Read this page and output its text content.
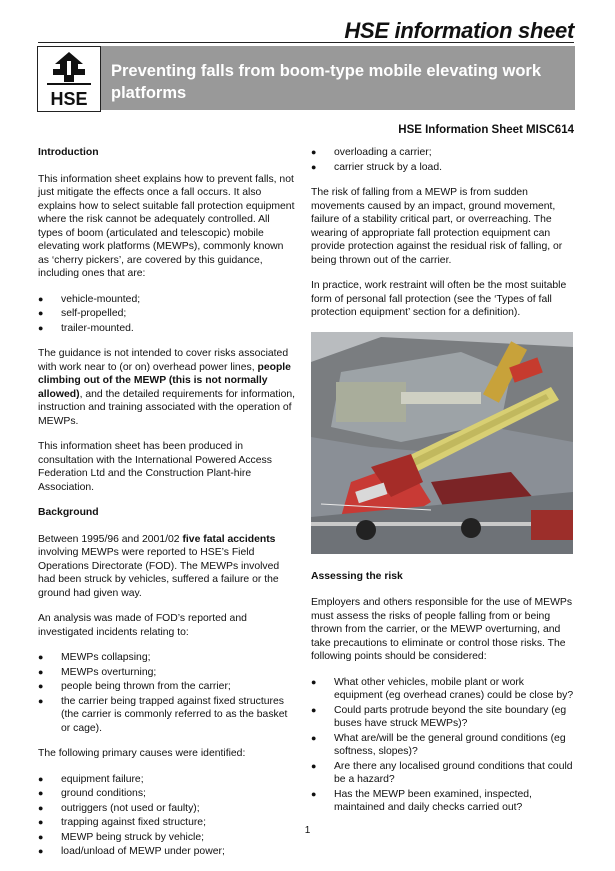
HSE information sheet
HSE
Preventing falls from boom-type mobile elevating work platforms
HSE Information Sheet MISC614
Introduction

This information sheet explains how to prevent falls, not just mitigate the effects once a fall occurs. It also explains how to select suitable fall protection equipment where the risk cannot be adequately controlled. All types of boom (articulated and telescopic) mobile elevating work platforms (MEWPs), commonly known as ‘cherry pickers’, are covered by this guidance, including ones that are:

● vehicle-mounted;
● self-propelled;
● trailer-mounted.

The guidance is not intended to cover risks associated with work near to (or on) overhead power lines, people climbing out of the MEWP (this is not normally allowed), and the detailed requirements for information, instruction and training associated with the operation of MEWPs.

This information sheet has been produced in consultation with the International Powered Access Federation Ltd and the Construction Plant-hire Association.

Background

Between 1995/96 and 2001/02 five fatal accidents involving MEWPs were reported to HSE’s Field Operations Directorate (FOD). The MEWPs involved had been struck by vehicles, suffered a failure or the ground had given way.

An analysis was made of FOD’s reported and investigated incidents relating to:

● MEWPs collapsing;
● MEWPs overturning;
● people being thrown from the carrier;
● the carrier being trapped against fixed structures (the carrier is commonly referred to as the basket or cage).

The following primary causes were identified:

● equipment failure;
● ground conditions;
● outriggers (not used or faulty);
● trapping against fixed structure;
● MEWP being struck by vehicle;
● load/unload of MEWP under power;
● overloading a carrier;
● carrier struck by a load.

The risk of falling from a MEWP is from sudden movements caused by an impact, ground movement, failure of a stability critical part, or overreaching. The wearing of appropriate fall protection equipment can provide protection against the residual risk of falling, or being thrown out of the carrier.

In practice, work restraint will often be the most suitable form of personal fall protection (see the ‘Types of fall protection equipment’ section for a definition).

Assessing the risk

Employers and others responsible for the use of MEWPs must assess the risks of people falling from or being thrown from the carrier, or the MEWP overturning, and take precautions to eliminate or control those risks. The following points should be considered:

● What other vehicles, mobile plant or work equipment (eg overhead cranes) could be close by?
● Could parts protrude beyond the site boundary (eg buses have struck MEWPs)?
● What are/will be the general ground conditions (eg softness, slopes)?
● Are there any localised ground conditions that could be a hazard?
● Has the MEWP been examined, inspected, maintained and daily checks carried out?
1
